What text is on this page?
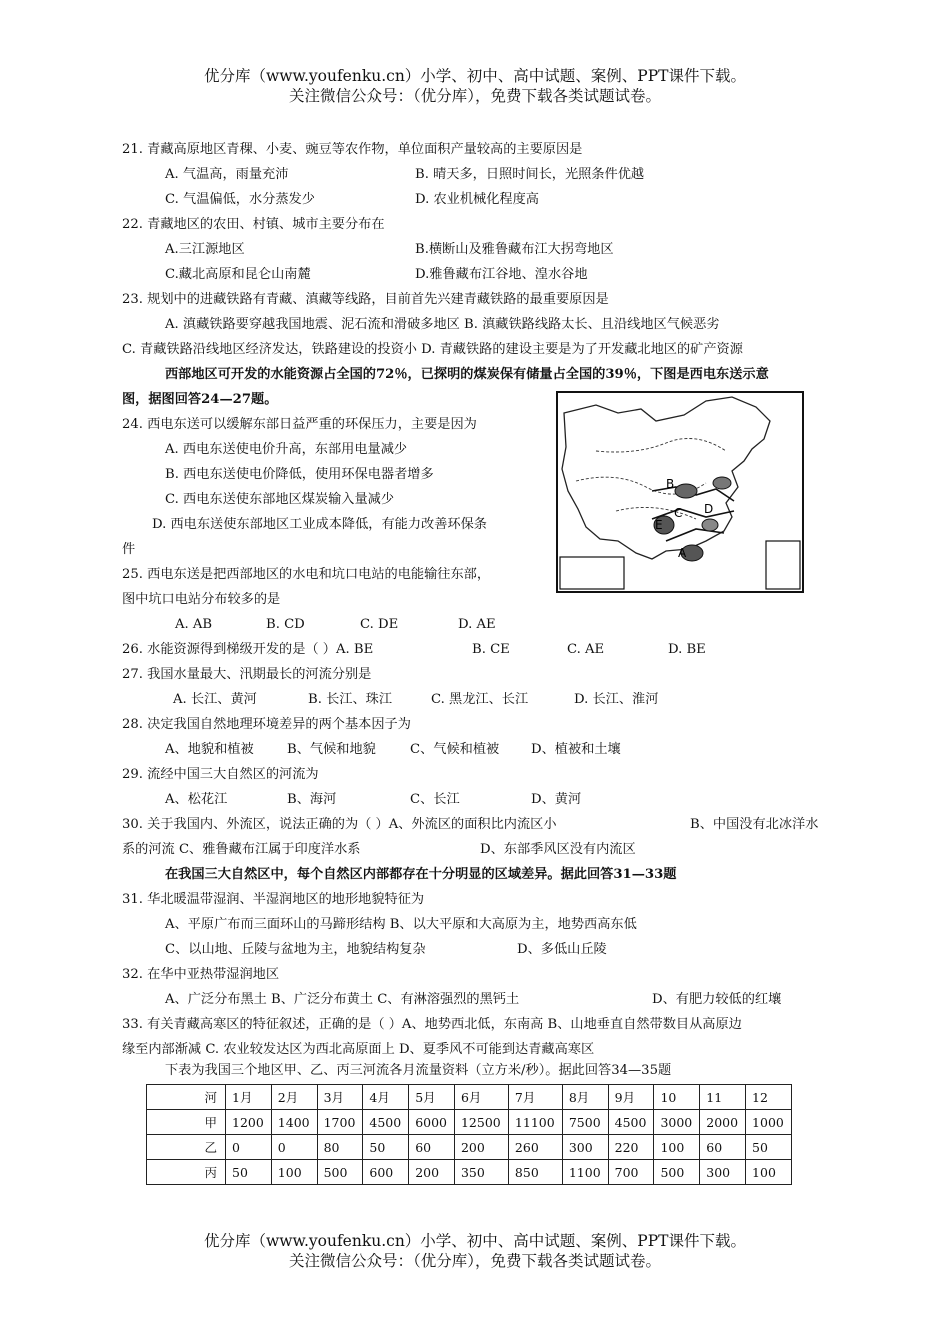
优分库（www.youfenku.cn）小学、初中、高中试题、案例、PPT课件下载。
关注微信公众号：（优分库），免费下载各类试题试卷。
21. 青藏高原地区青稞、小麦、豌豆等农作物，单位面积产量较高的主要原因是
A. 气温高，雨量充沛	B. 晴天多，日照时间长，光照条件优越
C. 气温偏低，水分蒸发少	D. 农业机械化程度高
22. 青藏地区的农田、村镇、城市主要分布在
A.三江源地区	B.横断山及雅鲁藏布江大拐弯地区
C.藏北高原和昆仑山南麓	D.雅鲁藏布江谷地、湟水谷地
23. 规划中的进藏铁路有青藏、滇藏等线路，目前首先兴建青藏铁路的最重要原因是
A. 滇藏铁路要穿越我国地震、泥石流和滑破多地区 B. 滇藏铁路线路太长、且沿线地区气候恶劣
C. 青藏铁路沿线地区经济发达，铁路建设的投资小 D. 青藏铁路的建设主要是为了开发藏北地区的矿产资源
西部地区可开发的水能资源占全国的72％，已探明的煤炭保有储量占全国的39％，下图是西电东送示意
图，据图回答24—27题。
B
C D
E
A
24. 西电东送可以缓解东部日益严重的环保压力，主要是因为
A. 西电东送使电价升高，东部用电量减少
B. 西电东送使电价降低，使用环保电器者增多
C. 西电东送使东部地区煤炭输入量减少
D. 西电东送使东部地区工业成本降低，有能力改善环保条
件
25. 西电东送是把西部地区的水电和坑口电站的电能输往东部，
图中坑口电站分布较多的是
A. AB	B. CD	C. DE	D. AE
26. 水能资源得到梯级开发的是（ ）A. BE	B. CE	C. AE	D. BE
27. 我国水量最大、汛期最长的河流分别是
A. 长江、黄河	B. 长江、珠江	C. 黑龙江、长江	D. 长江、淮河
28. 决定我国自然地理环境差异的两个基本因子为
A、地貌和植被	B、气候和地貌	C、气候和植被 D、植被和土壤
29. 流经中国三大自然区的河流为
A、松花江	B、海河	C、长江	D、黄河
30. 关于我国内、外流区，说法正确的为（ ）A、外流区的面积比内流区小	B、中国没有北冰洋水
系的河流 C、雅鲁藏布江属于印度洋水系	D、东部季风区没有内流区
在我国三大自然区中，每个自然区内部都存在十分明显的区域差异。据此回答31—33题
31. 华北暖温带湿润、半湿润地区的地形地貌特征为
A、平原广布而三面环山的马蹄形结构 B、以大平原和大高原为主，地势西高东低
C、以山地、丘陵与盆地为主，地貌结构复杂	D、多低山丘陵
32. 在华中亚热带湿润地区
A、广泛分布黑土 B、广泛分布黄土 C、有淋溶强烈的黑钙土	D、有肥力较低的红壤
33. 有关青藏高寒区的特征叙述，正确的是（ ）A、地势西北低，东南高 B、山地垂直自然带数目从高原边
缘至内部渐减 C. 农业较发达区为西北高原面上 D、夏季风不可能到达青藏高寒区
下表为我国三个地区甲、乙、丙三河流各月流量资料（立方米/秒）。据此回答34—35题
河	1月	2月	3月	4月	5月	6月	7月	8月	9月	10	11	12
甲	1200	1400	1700	4500	6000	12500	11100	7500	4500	3000	2000	1000
乙	0	0	80	50	60	200	260	300	220	100	60	50
丙	50	100	500	600	200	350	850	1100	700	500	300	100
优分库（www.youfenku.cn）小学、初中、高中试题、案例、PPT课件下载。
关注微信公众号：（优分库），免费下载各类试题试卷。
